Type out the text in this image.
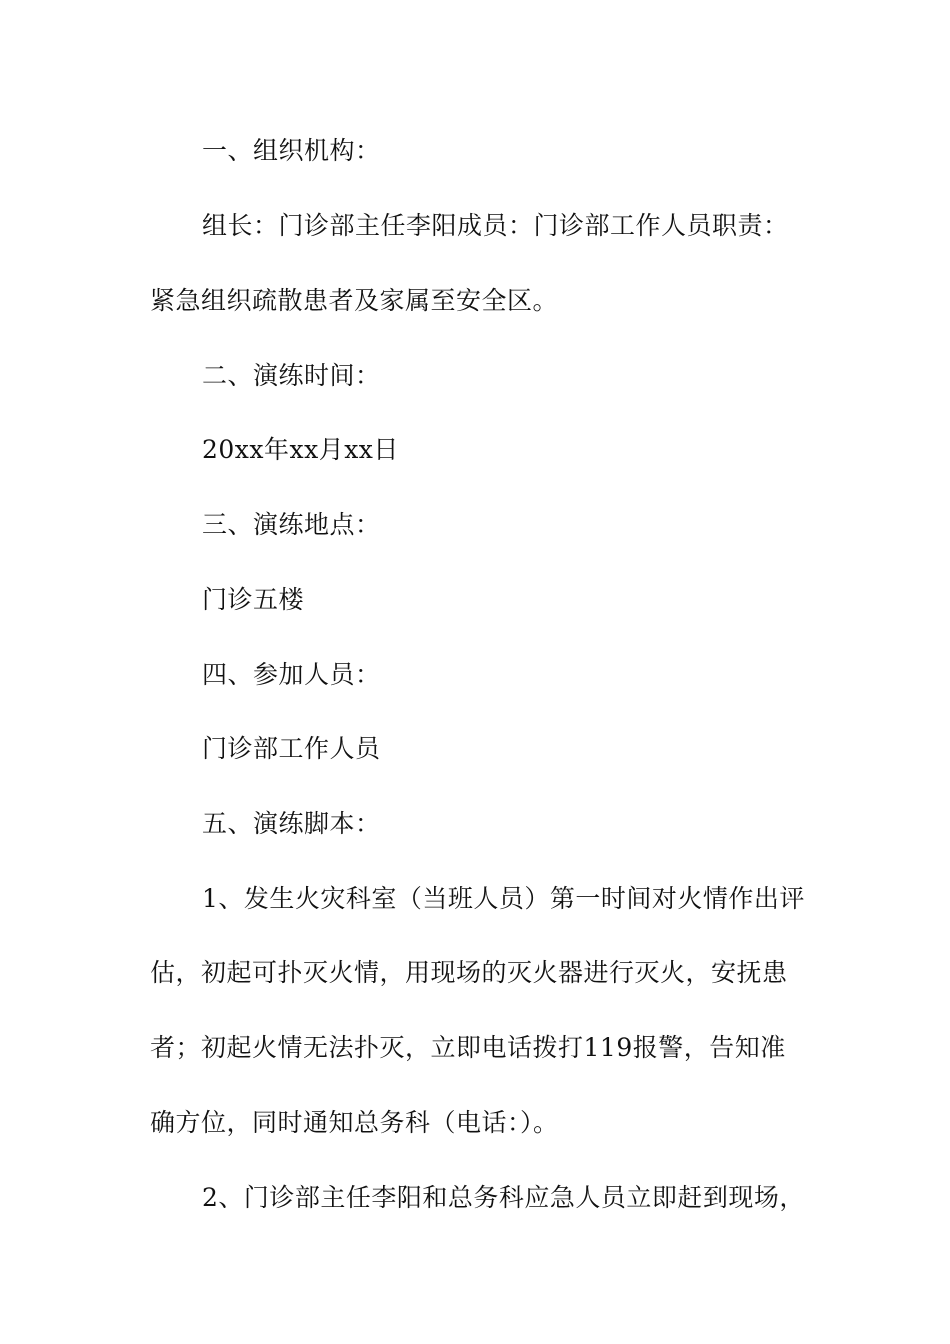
一、组织机构：
组长：门诊部主任李阳成员：门诊部工作人员职责：
紧急组织疏散患者及家属至安全区。
二、演练时间：
20xx年xx月xx日
三、演练地点：
门诊五楼
四、参加人员：
门诊部工作人员
五、演练脚本：
1、发生火灾科室（当班人员）第一时间对火情作出评
估，初起可扑灭火情，用现场的灭火器进行灭火，安抚患
者；初起火情无法扑灭，立即电话拨打119报警，告知准
确方位，同时通知总务科（电话：）。
2、门诊部主任李阳和总务科应急人员立即赶到现场，
